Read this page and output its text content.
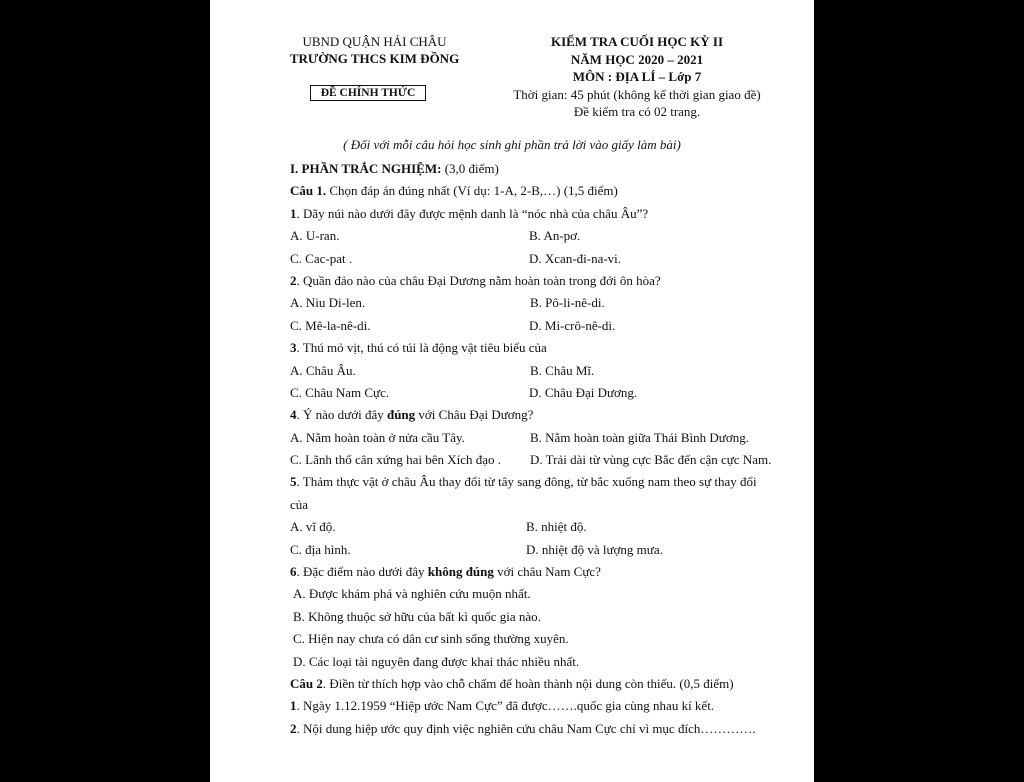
UBND QUẬN HẢI CHÂU
TRƯỜNG THCS KIM ĐỒNG
ĐỀ CHÍNH THỨC
KIỂM TRA CUỐI HỌC KỲ II
NĂM HỌC 2020 – 2021
MÔN : ĐỊA LÍ – Lớp 7
Thời gian: 45 phút (không kể thời gian giao đề)
Đề kiểm tra có 02 trang.
( Đối với mỗi câu hỏi học sinh ghi phần trả lời vào giấy làm bài)
I. PHẦN TRẮC NGHIỆM: (3,0 điểm)
Câu 1. Chọn đáp án đúng nhất (Ví dụ: 1-A, 2-B,…) (1,5 điểm)
1. Dãy núi nào dưới đây được mệnh danh là “nóc nhà của châu Âu”?
A. U-ran.	B. An-pơ.
C. Cac-pat .	D. Xcan-đi-na-vi.
2. Quần đảo nào của châu Đại Dương nằm hoàn toàn trong đới ôn hòa?
A. Niu Di-len.	B. Pô-li-nê-di.
C. Mê-la-nê-di.	D. Mi-crô-nê-di.
3. Thú mỏ vịt, thú có túi là động vật tiêu biểu của
A. Châu Âu.	B. Châu Mĩ.
C. Châu Nam Cực.	D. Châu Đại Dương.
4. Ý nào dưới đây đúng với Châu Đại Dương?
A. Nằm hoàn toàn ở nửa cầu Tây.	B. Nằm hoàn toàn giữa Thái Bình Dương.
C. Lãnh thổ cân xứng hai bên Xích đạo . D. Trải dài từ vùng cực Bắc đến cận cực Nam.
5. Thảm thực vật ở châu Âu thay đổi từ tây sang đông, từ bắc xuống nam theo sự thay đổi
của
A. vĩ độ.	B. nhiệt độ.
C. địa hình.	D. nhiệt độ và lượng mưa.
6. Đặc điểm nào dưới đây không đúng với châu Nam Cực?
A. Được khám phá và nghiên cứu muộn nhất.
B. Không thuộc sở hữu của bất kì quốc gia nào.
C. Hiện nay chưa có dân cư sinh sống thường xuyên.
D. Các loại tài nguyên đang được khai thác nhiều nhất.
Câu 2. Điền từ thích hợp vào chỗ chấm để hoàn thành nội dung còn thiếu. (0,5 điểm)
1. Ngày 1.12.1959 “Hiệp ước Nam Cực” đã được…….quốc gia cùng nhau kí kết.
2. Nội dung hiệp ước quy định việc nghiên cứu châu Nam Cực chỉ vì mục đích………….
